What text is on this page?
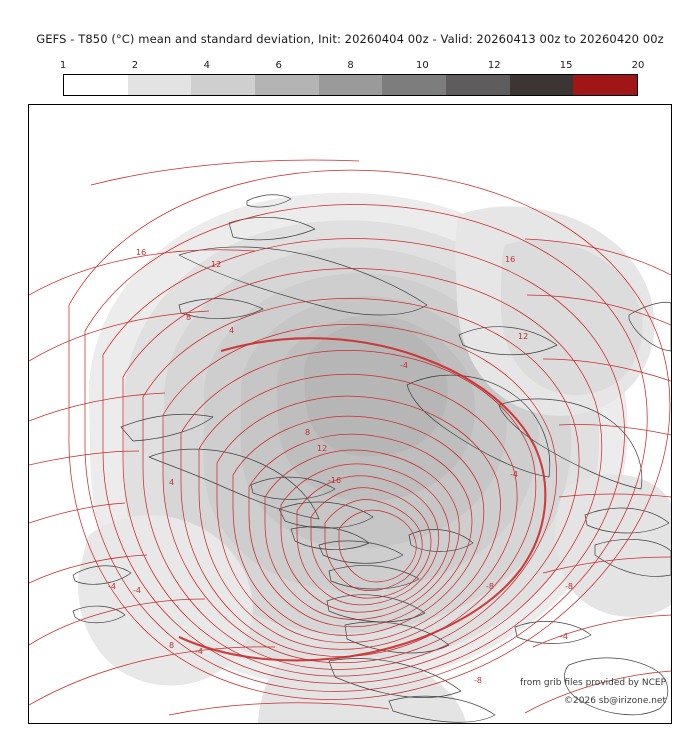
GEFS - T850 (°C) mean and standard deviation, Init: 20260404 00z - Valid: 20260413 00z to 20260420 00z
1	2	4	6	8	10	12	15	20
16
12
8
4
-4
16
12
8
12
-16
-4
-8
4
-4 -4
8
-4
-8
-4
-8
from grib files provided by NCEP
©2026 sb@irizone.net
